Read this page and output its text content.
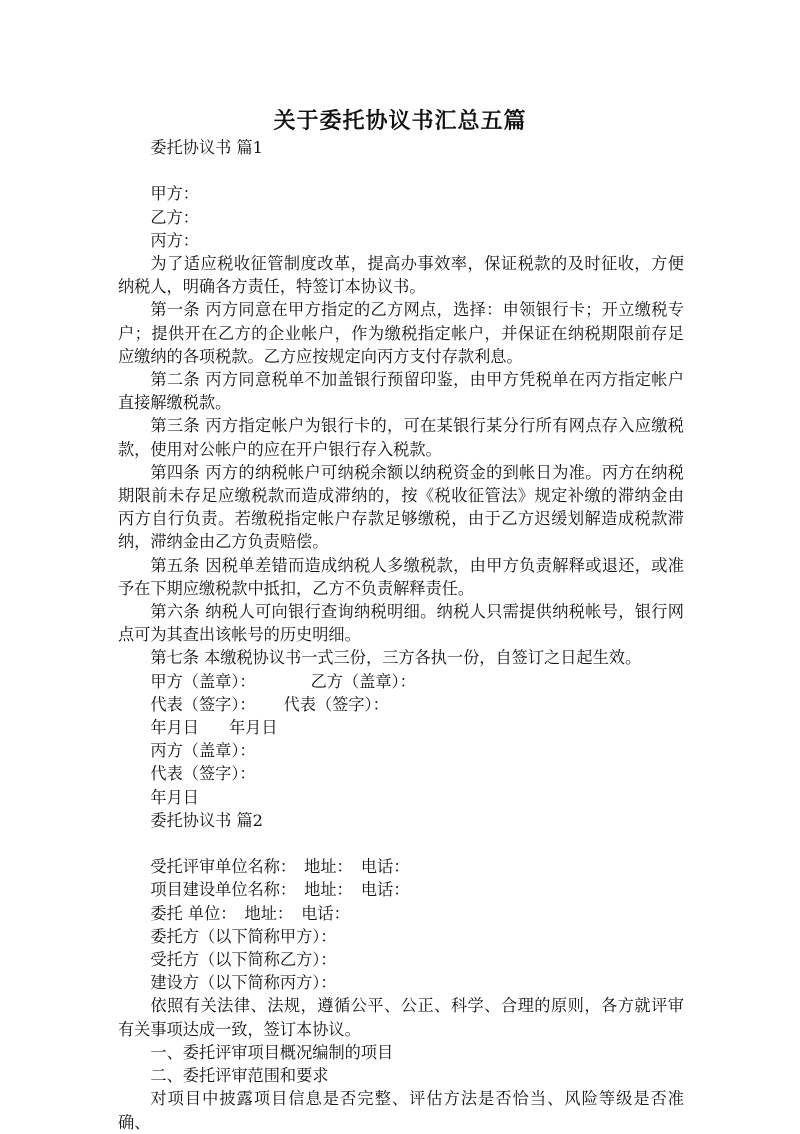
关于委托协议书汇总五篇

委托协议书 篇1

甲方：

乙方：

丙方：

为了适应税收征管制度改革，提高办事效率，保证税款的及时征收，方便纳税人，明确各方责任，特签订本协议书。

第一条 丙方同意在甲方指定的乙方网点，选择：申领银行卡；开立缴税专户；提供开在乙方的企业帐户，作为缴税指定帐户，并保证在纳税期限前存足应缴纳的各项税款。乙方应按规定向丙方支付存款利息。

第二条 丙方同意税单不加盖银行预留印鉴，由甲方凭税单在丙方指定帐户直接解缴税款。

第三条 丙方指定帐户为银行卡的，可在某银行某分行所有网点存入应缴税款，使用对公帐户的应在开户银行存入税款。

第四条 丙方的纳税帐户可纳税余额以纳税资金的到帐日为准。丙方在纳税期限前未存足应缴税款而造成滞纳的，按《税收征管法》规定补缴的滞纳金由丙方自行负责。若缴税指定帐户存款足够缴税，由于乙方迟缓划解造成税款滞纳，滞纳金由乙方负责赔偿。

第五条 因税单差错而造成纳税人多缴税款，由甲方负责解释或退还，或准予在下期应缴税款中抵扣，乙方不负责解释责任。

第六条 纳税人可向银行查询纳税明细。纳税人只需提供纳税帐号，银行网点可为其查出该帐号的历史明细。

第七条 本缴税协议书一式三份，三方各执一份，自签订之日起生效。

甲方（盖章）：	乙方（盖章）：

代表（签字）： 代表（签字）：

年月日 年月日

丙方（盖章）：

代表（签字）：

年月日

委托协议书 篇2

受托评审单位名称：　地址：　电话：

项目建设单位名称：　地址：　电话：

委托 单位：　地址：　电话：

委托方（以下简称甲方）：

受托方（以下简称乙方）：

建设方（以下简称丙方）：

依照有关法律、法规，遵循公平、公正、科学、合理的原则，各方就评审有关事项达成一致，签订本协议。

一、委托评审项目概况编制的项目

二、委托评审范围和要求

对项目中披露项目信息是否完整、评估方法是否恰当、风险等级是否准确、
